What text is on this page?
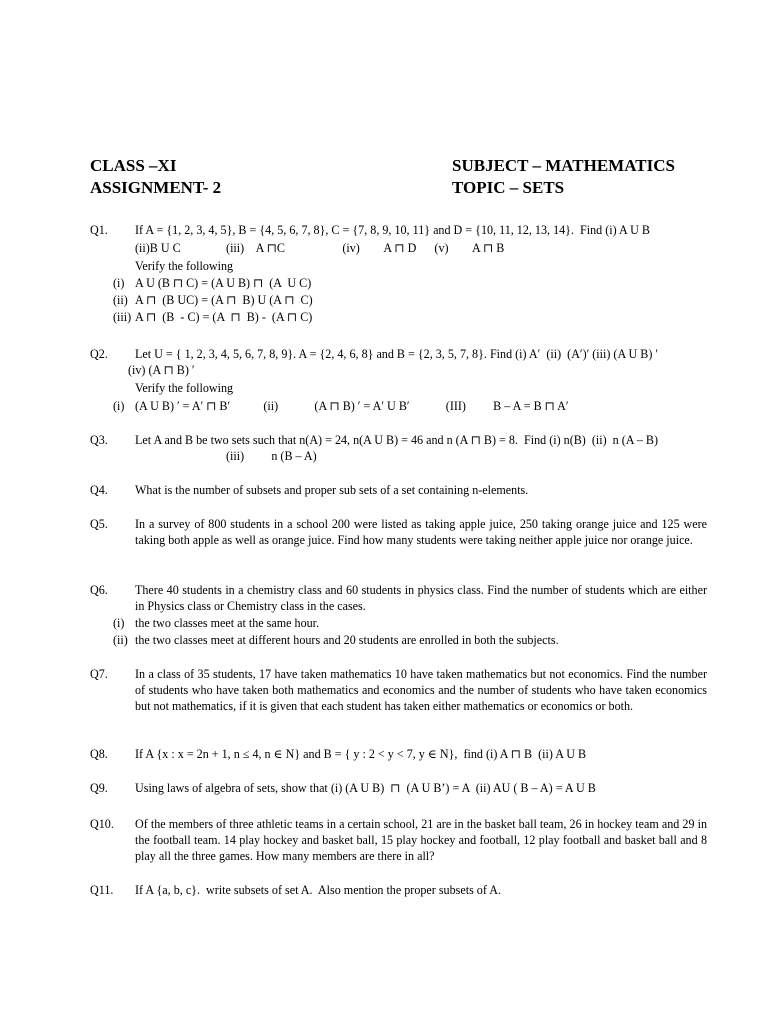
CLASS –XI
ASSIGNMENT- 2
SUBJECT – MATHEMATICS
TOPIC – SETS
Q1. If A = {1, 2, 3, 4, 5}, B = {4, 5, 6, 7, 8}, C = {7, 8, 9, 10, 11} and D = {10, 11, 12, 13, 14}.  Find (i) A U B
(ii)B U C               (iii)    A ⊓C                   (iv)        A ⊓ D      (v)        A ⊓ B
Verify the following
(i) A U (B ⊓ C) = (A U B) ⊓  (A  U C)
(ii) A ⊓  (B UC) = (A ⊓  B) U (A ⊓  C)
(iii) A ⊓  (B  - C) = (A  ⊓  B) -  (A ⊓ C)
Q2. Let U = { 1, 2, 3, 4, 5, 6, 7, 8, 9}. A = {2, 4, 6, 8} and B = {2, 3, 5, 7, 8}. Find (i) A′  (ii)  (A′)′ (iii) (A U B) ′
(iv) (A ⊓ B) ′
Verify the following
(i) (A U B) ′ = A′ ⊓ B′           (ii)            (A ⊓ B) ′ = A′ U B′            (III)         B – A = B ⊓ A′
Q3. Let A and B be two sets such that n(A) = 24, n(A U B) = 46 and n (A ⊓ B) = 8.  Find (i) n(B)  (ii)  n (A – B)
(iii)         n (B – A)
Q4. What is the number of subsets and proper sub sets of a set containing n-elements.
Q5. In a survey of 800 students in a school 200 were listed as taking apple juice, 250 taking orange juice and 125 were taking both apple as well as orange juice. Find how many students were taking neither apple juice nor orange juice.
Q6. There 40 students in a chemistry class and 60 students in physics class. Find the number of students which are either in Physics class or Chemistry class in the cases.
(i) the two classes meet at the same hour.
(ii) the two classes meet at different hours and 20 students are enrolled in both the subjects.
Q7. In a class of 35 students, 17 have taken mathematics 10 have taken mathematics but not economics. Find the number of students who have taken both mathematics and economics and the number of students who have taken economics but not mathematics, if it is given that each student has taken either mathematics or economics or both.
Q8. If A {x : x = 2n + 1, n ≤ 4, n ∈ N} and B = { y : 2 < y < 7, y ∈ N},  find (i) A ⊓ B  (ii) A U B
Q9. Using laws of algebra of sets, show that (i) (A U B)  ⊓  (A U B’) = A  (ii) AU ( B – A) = A U B
Q10. Of the members of three athletic teams in a certain school, 21 are in the basket ball team, 26 in hockey team and 29 in the football team. 14 play hockey and basket ball, 15 play hockey and football, 12 play football and basket ball and 8 play all the three games. How many members are there in all?
Q11. If A {a, b, c}.  write subsets of set A.  Also mention the proper subsets of A.
